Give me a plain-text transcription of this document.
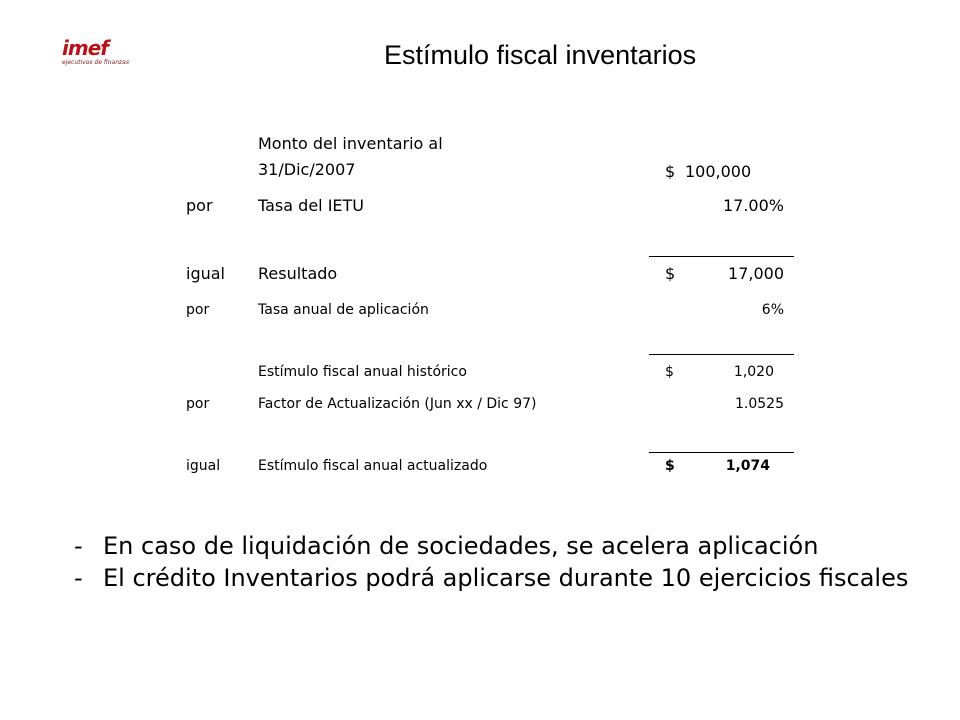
imef
ejecutivos de finanzas	Estímulo fiscal inventarios
Monto del inventario al
31/Dic/2007	$ 100,000
por	Tasa del IETU	17.00%
igual Resultado	$	17,000
por	Tasa anual de aplicación	6%
Estímulo fiscal anual histórico	$	1,020
por	Factor de Actualización (Jun xx / Dic 97)	1.0525
igual	Estímulo fiscal anual actualizado	$	1,074
- En caso de liquidación de sociedades, se acelera aplicación
- El crédito Inventarios podrá aplicarse durante 10 ejercicios fiscales
